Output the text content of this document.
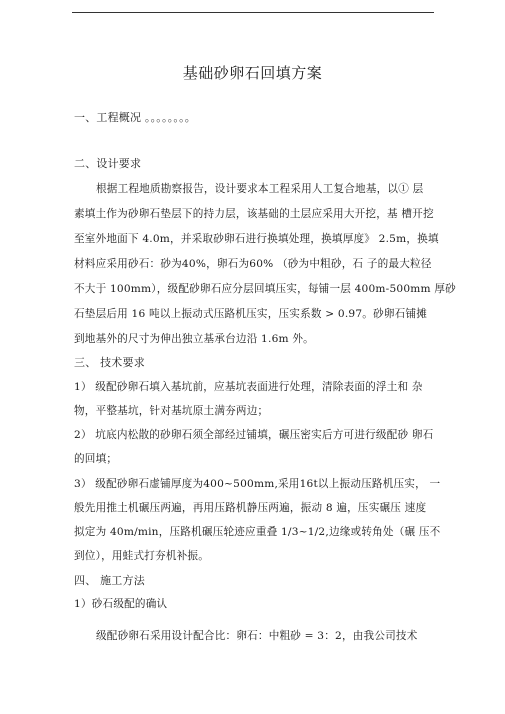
基础砂卵石回填方案
一、工程概况 。。。。。。。。
二、设计要求
根据工程地质勘察报告，设计要求本工程采用人工复合地基，以① 层
素填土作为砂卵石垫层下的持力层，该基础的土层应采用大开挖，基 槽开挖
至室外地面下 4.0m，并采取砂卵石进行换填处理，换填厚度》 2.5m，换填
材料应采用砂石：砂为40%，卵石为60% （砂为中粗砂，石 子的最大粒径
不大于 100mm），级配砂卵石应分层回填压实，每铺一层 400m-500mm 厚砂
石垫层后用 16 吨以上振动式压路机压实，压实系数 > 0.97。砂卵石铺摊
到地基外的尺寸为伸出独立基承台边沿 1.6m 外。
三、 技术要求
1） 级配砂卵石填入基坑前，应基坑表面进行处理，清除表面的浮土和 杂
物，平整基坑，针对基坑原土满夯两边；
2） 坑底内松散的砂卵石须全部经过铺填，碾压密实后方可进行级配砂 卵石
的回填；
3） 级配砂卵石虚铺厚度为400~500mm,采用16t以上振动压路机压实， 一
般先用推土机碾压两遍，再用压路机静压两遍，振动 8 遍，压实碾压 速度
拟定为 40m/min，压路机碾压轮迹应重叠 1/3~1/2,边缘或转角处（碾 压不
到位），用蛙式打夯机补振。
四、 施工方法
1）砂石级配的确认
级配砂卵石采用设计配合比：卵石：中粗砂 = 3：2，由我公司技术
